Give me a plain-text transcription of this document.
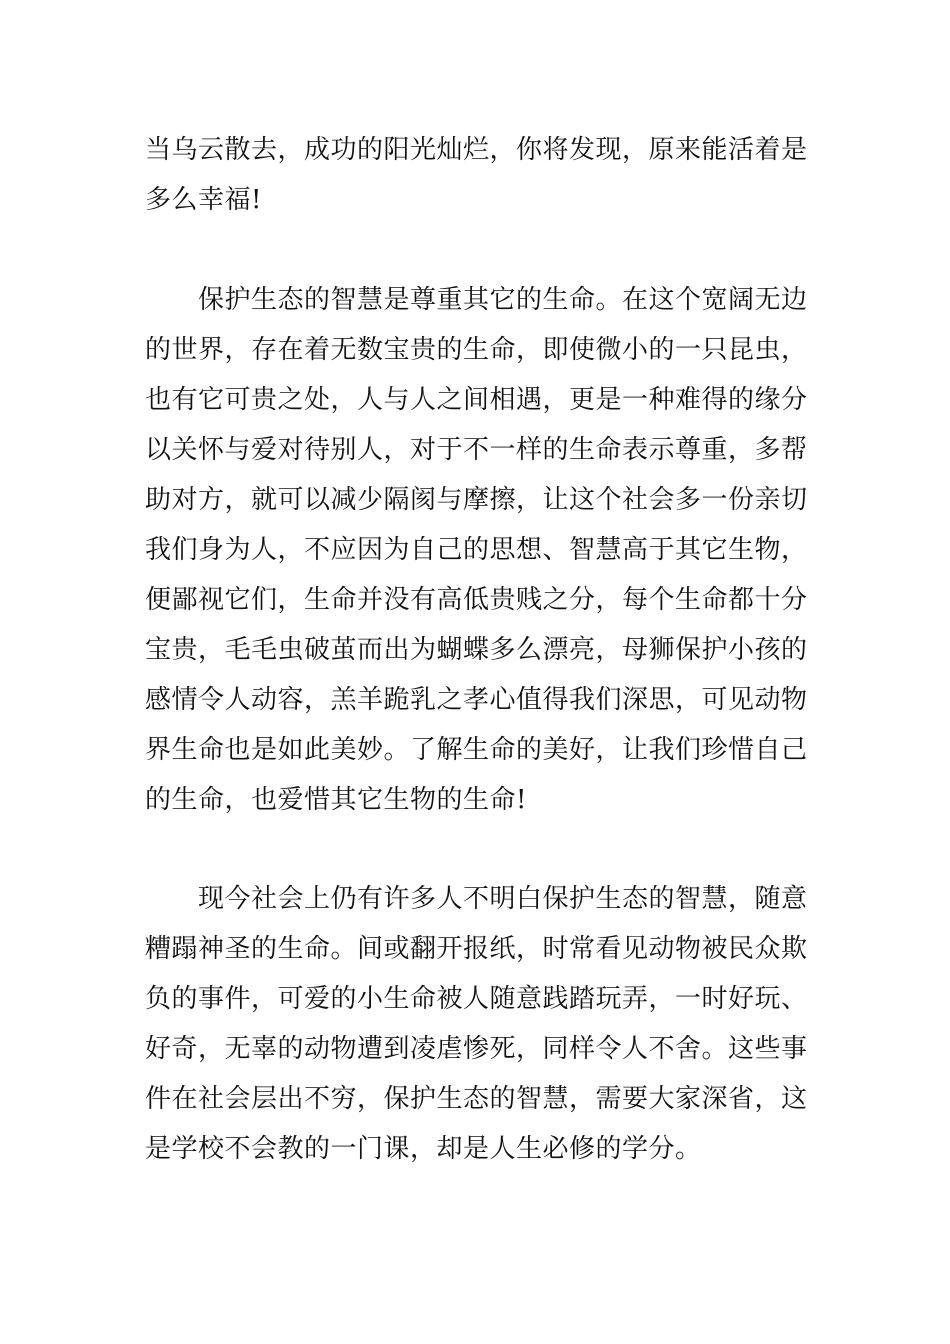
当乌云散去，成功的阳光灿烂，你将发现，原来能活着是
多么幸福!
保护生态的智慧是尊重其它的生命。在这个宽阔无边
的世界，存在着无数宝贵的生命，即使微小的一只昆虫，
也有它可贵之处，人与人之间相遇，更是一种难得的缘分
以关怀与爱对待别人，对于不一样的生命表示尊重，多帮
助对方，就可以减少隔阂与摩擦，让这个社会多一份亲切
我们身为人，不应因为自己的思想、智慧高于其它生物，
便鄙视它们，生命并没有高低贵贱之分，每个生命都十分
宝贵，毛毛虫破茧而出为蝴蝶多么漂亮，母狮保护小孩的
感情令人动容，羔羊跪乳之孝心值得我们深思，可见动物
界生命也是如此美妙。了解生命的美好，让我们珍惜自己
的生命，也爱惜其它生物的生命!
现今社会上仍有许多人不明白保护生态的智慧，随意
糟蹋神圣的生命。间或翻开报纸，时常看见动物被民众欺
负的事件，可爱的小生命被人随意践踏玩弄，一时好玩、
好奇，无辜的动物遭到凌虐惨死，同样令人不舍。这些事
件在社会层出不穷，保护生态的智慧，需要大家深省，这
是学校不会教的一门课，却是人生必修的学分。
